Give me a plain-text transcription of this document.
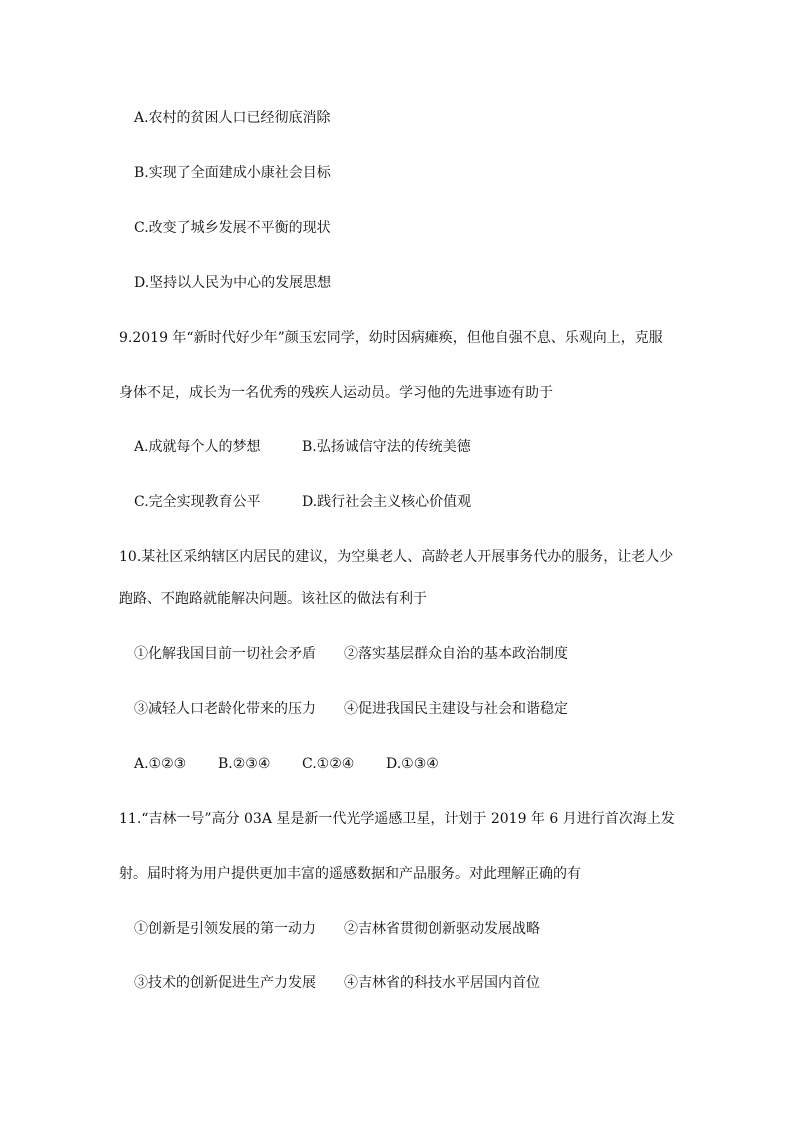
A.农村的贫困人口已经彻底消除
B.实现了全面建成小康社会目标
C.改变了城乡发展不平衡的现状
D.坚持以人民为中心的发展思想
9.2019 年“新时代好少年”颜玉宏同学，幼时因病瘫痪，但他自强不息、乐观向上，克服
身体不足，成长为一名优秀的残疾人运动员。学习他的先进事迹有助于
A.成就每个人的梦想	B.弘扬诚信守法的传统美德
C.完全实现教育公平	D.践行社会主义核心价值观
10.某社区采纳辖区内居民的建议，为空巢老人、高龄老人开展事务代办的服务，让老人少
跑路、不跑路就能解决问题。该社区的做法有利于
①化解我国目前一切社会矛盾 ②落实基层群众自治的基本政治制度
③减轻人口老龄化带来的压力 ④促进我国民主建设与社会和谐稳定
A.①②③ B.②③④ C.①②④ D.①③④
11.“吉林一号”高分 03A 星是新一代光学遥感卫星，计划于 2019 年 6 月进行首次海上发
射。届时将为用户提供更加丰富的遥感数据和产品服务。对此理解正确的有
①创新是引领发展的第一动力 ②吉林省贯彻创新驱动发展战略
③技术的创新促进生产力发展 ④吉林省的科技水平居国内首位
